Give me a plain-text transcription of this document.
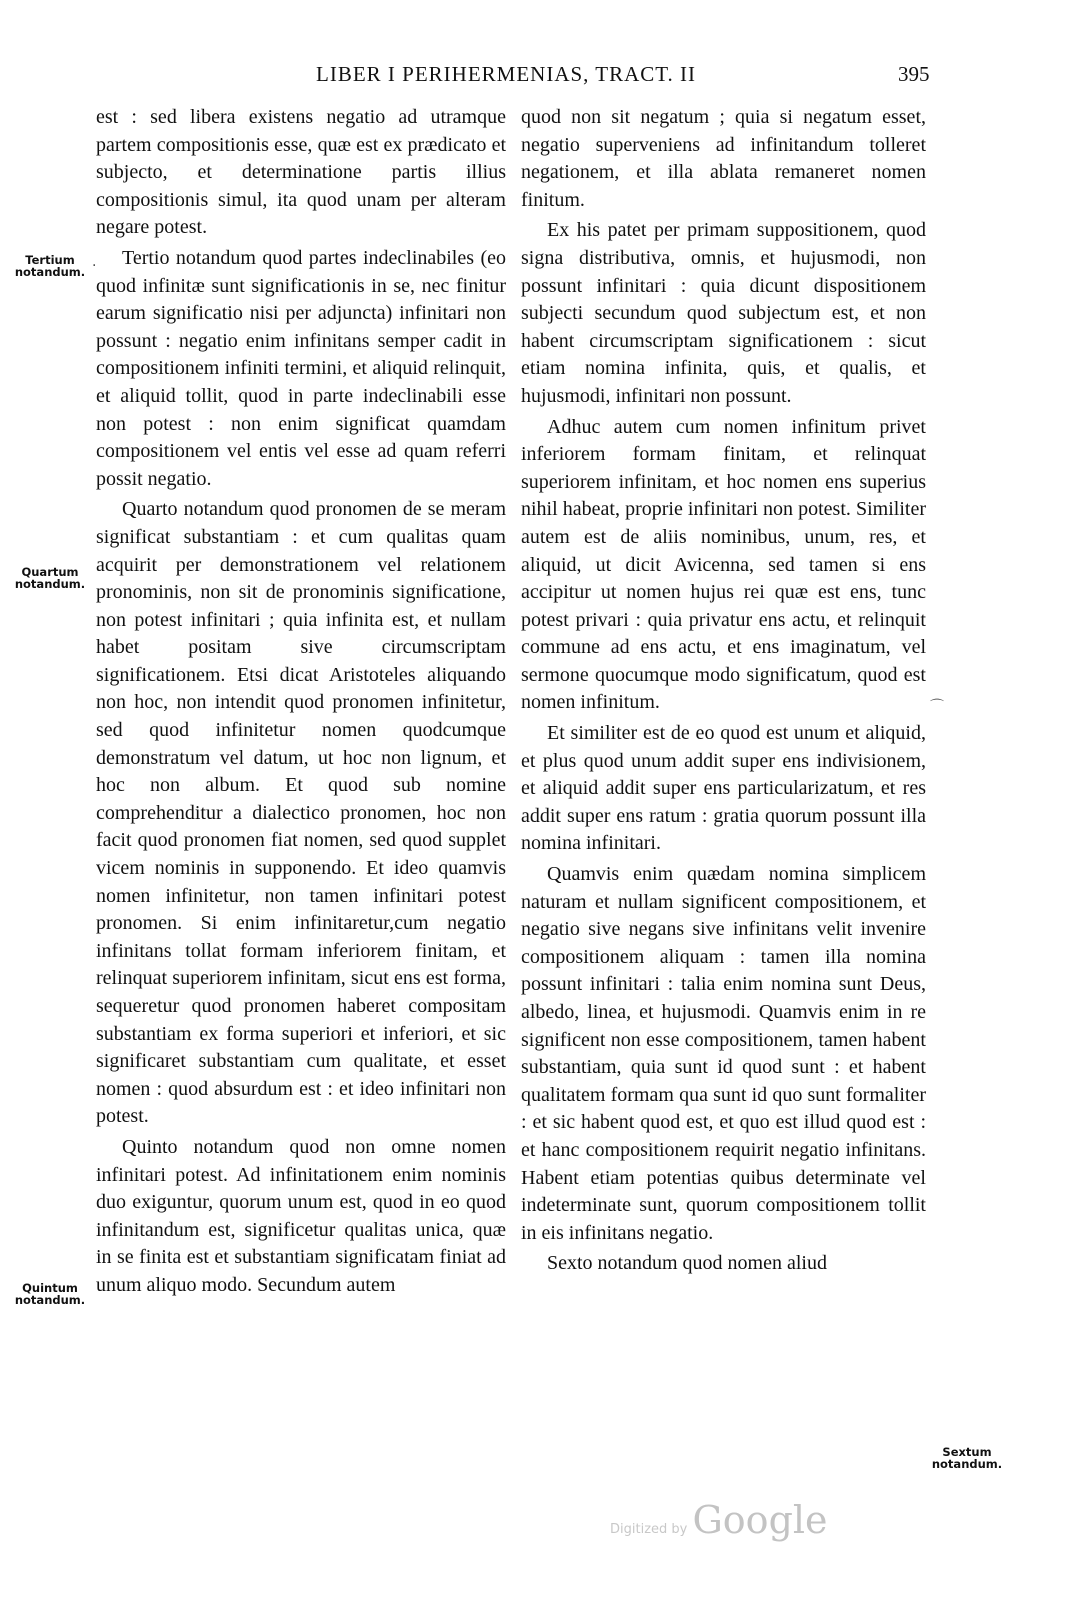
LIBER I PERIHERMENIAS, TRACT. II	395
Tertium notandum.
Quartum notandum.
Quintum notandum.
Sextum notandum.
·
⌒

est : sed libera existens negatio ad utramque partem compositionis esse, quæ est ex prædicato et subjecto, et determinatione partis illius compositionis simul, ita quod unam per alteram negare potest.

Tertio notandum quod partes indeclinabiles (eo quod infinitæ sunt significationis in se, nec finitur earum significatio nisi per adjuncta) infinitari non possunt : negatio enim infinitans semper cadit in compositionem infiniti termini, et aliquid relinquit, et aliquid tollit, quod in parte indeclinabili esse non potest : non enim significat quamdam compositionem vel entis vel esse ad quam referri possit negatio.

Quarto notandum quod pronomen de se meram significat substantiam : et cum qualitas quam acquirit per demonstrationem vel relationem pronominis, non sit de pronominis significatione, non potest infinitari ; quia infinita est, et nullam habet positam sive circumscriptam significationem. Etsi dicat Aristoteles aliquando non hoc, non intendit quod pronomen infinitetur, sed quod infinitetur nomen quodcumque demonstratum vel datum, ut hoc non lignum, et hoc non album. Et quod sub nomine comprehenditur a dialectico pronomen, hoc non facit quod pronomen fiat nomen, sed quod supplet vicem nominis in supponendo. Et ideo quamvis nomen infinitetur, non tamen infinitari potest pronomen. Si enim infinitaretur,cum negatio infinitans tollat formam inferiorem finitam, et relinquat superiorem infinitam, sicut ens est forma, sequeretur quod pronomen haberet compositam substantiam ex forma superiori et inferiori, et sic significaret substantiam cum qualitate, et esset nomen : quod absurdum est : et ideo infinitari non potest.

Quinto notandum quod non omne nomen infinitari potest. Ad infinitationem enim nominis duo exiguntur, quorum unum est, quod in eo quod infinitandum est, significetur qualitas unica, quæ in se finita est et substantiam significatam finiat ad unum aliquo modo. Secundum autem

quod non sit negatum ; quia si negatum esset, negatio superveniens ad infinitandum tolleret negationem, et illa ablata remaneret nomen finitum.

Ex his patet per primam suppositionem, quod signa distributiva, omnis, et hujusmodi, non possunt infinitari : quia dicunt dispositionem subjecti secundum quod subjectum est, et non habent circumscriptam significationem : sicut etiam nomina infinita, quis, et qualis, et hujusmodi, infinitari non possunt.

Adhuc autem cum nomen infinitum privet inferiorem formam finitam, et relinquat superiorem infinitam, et hoc nomen ens superius nihil habeat, proprie infinitari non potest. Similiter autem est de aliis nominibus, unum, res, et aliquid, ut dicit Avicenna, sed tamen si ens accipitur ut nomen hujus rei quæ est ens, tunc potest privari : quia privatur ens actu, et relinquit commune ad ens actu, et ens imaginatum, vel sermone quocumque modo significatum, quod est nomen infinitum.

Et similiter est de eo quod est unum et aliquid, et plus quod unum addit super ens indivisionem, et aliquid addit super ens particularizatum, et res addit super ens ratum : gratia quorum possunt illa nomina infinitari.

Quamvis enim quædam nomina simplicem naturam et nullam significent compositionem, et negatio sive negans sive infinitans velit invenire compositionem aliquam : tamen illa nomina possunt infinitari : talia enim nomina sunt Deus, albedo, linea, et hujusmodi. Quamvis enim in re significent non esse compositionem, tamen habent substantiam, quia sunt id quod sunt : et habent qualitatem formam qua sunt id quo sunt formaliter : et sic habent quod est, et quo est illud quod est : et hanc compositionem requirit negatio infinitans. Habent etiam potentias quibus determinate vel indeterminate sunt, quorum compositionem tollit in eis infinitans negatio.

Sexto notandum quod nomen aliud

Digitized by Google
